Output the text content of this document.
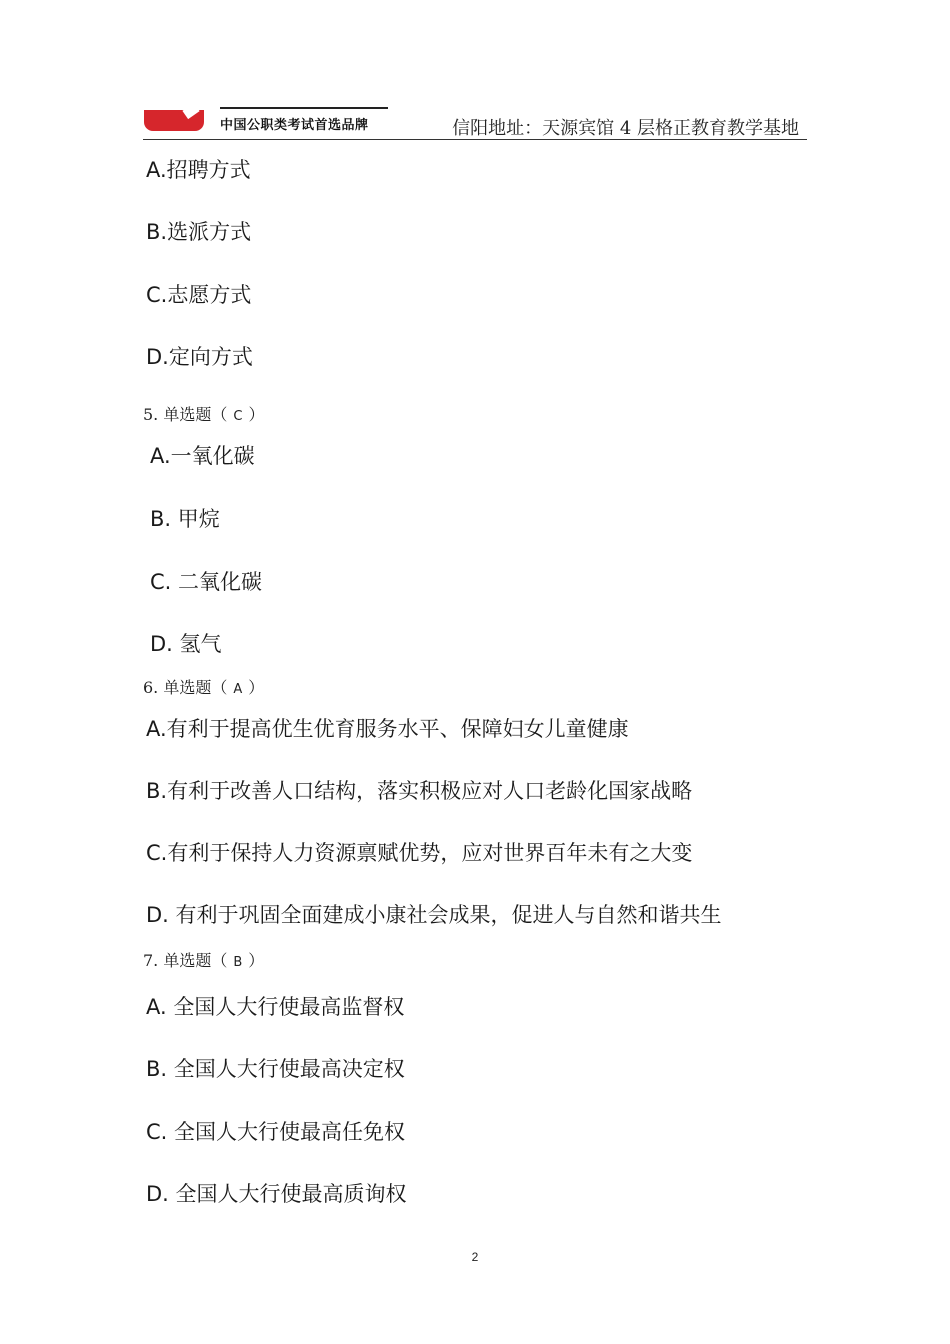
中国公职类考试首选品牌	信阳地址：天源宾馆 4 层格正教育教学基地
A.招聘方式
B.选派方式
C.志愿方式
D.定向方式
5. 单选题（ C ）
A.一氧化碳
B. 甲烷
C. 二氧化碳
D. 氢气
6. 单选题（ A ）
A.有利于提高优生优育服务水平、保障妇女儿童健康
B.有利于改善人口结构，落实积极应对人口老龄化国家战略
C.有利于保持人力资源禀赋优势，应对世界百年未有之大变
D. 有利于巩固全面建成小康社会成果，促进人与自然和谐共生
7. 单选题（ B ）
A. 全国人大行使最高监督权
B. 全国人大行使最高决定权
C. 全国人大行使最高任免权
D. 全国人大行使最高质询权
2
